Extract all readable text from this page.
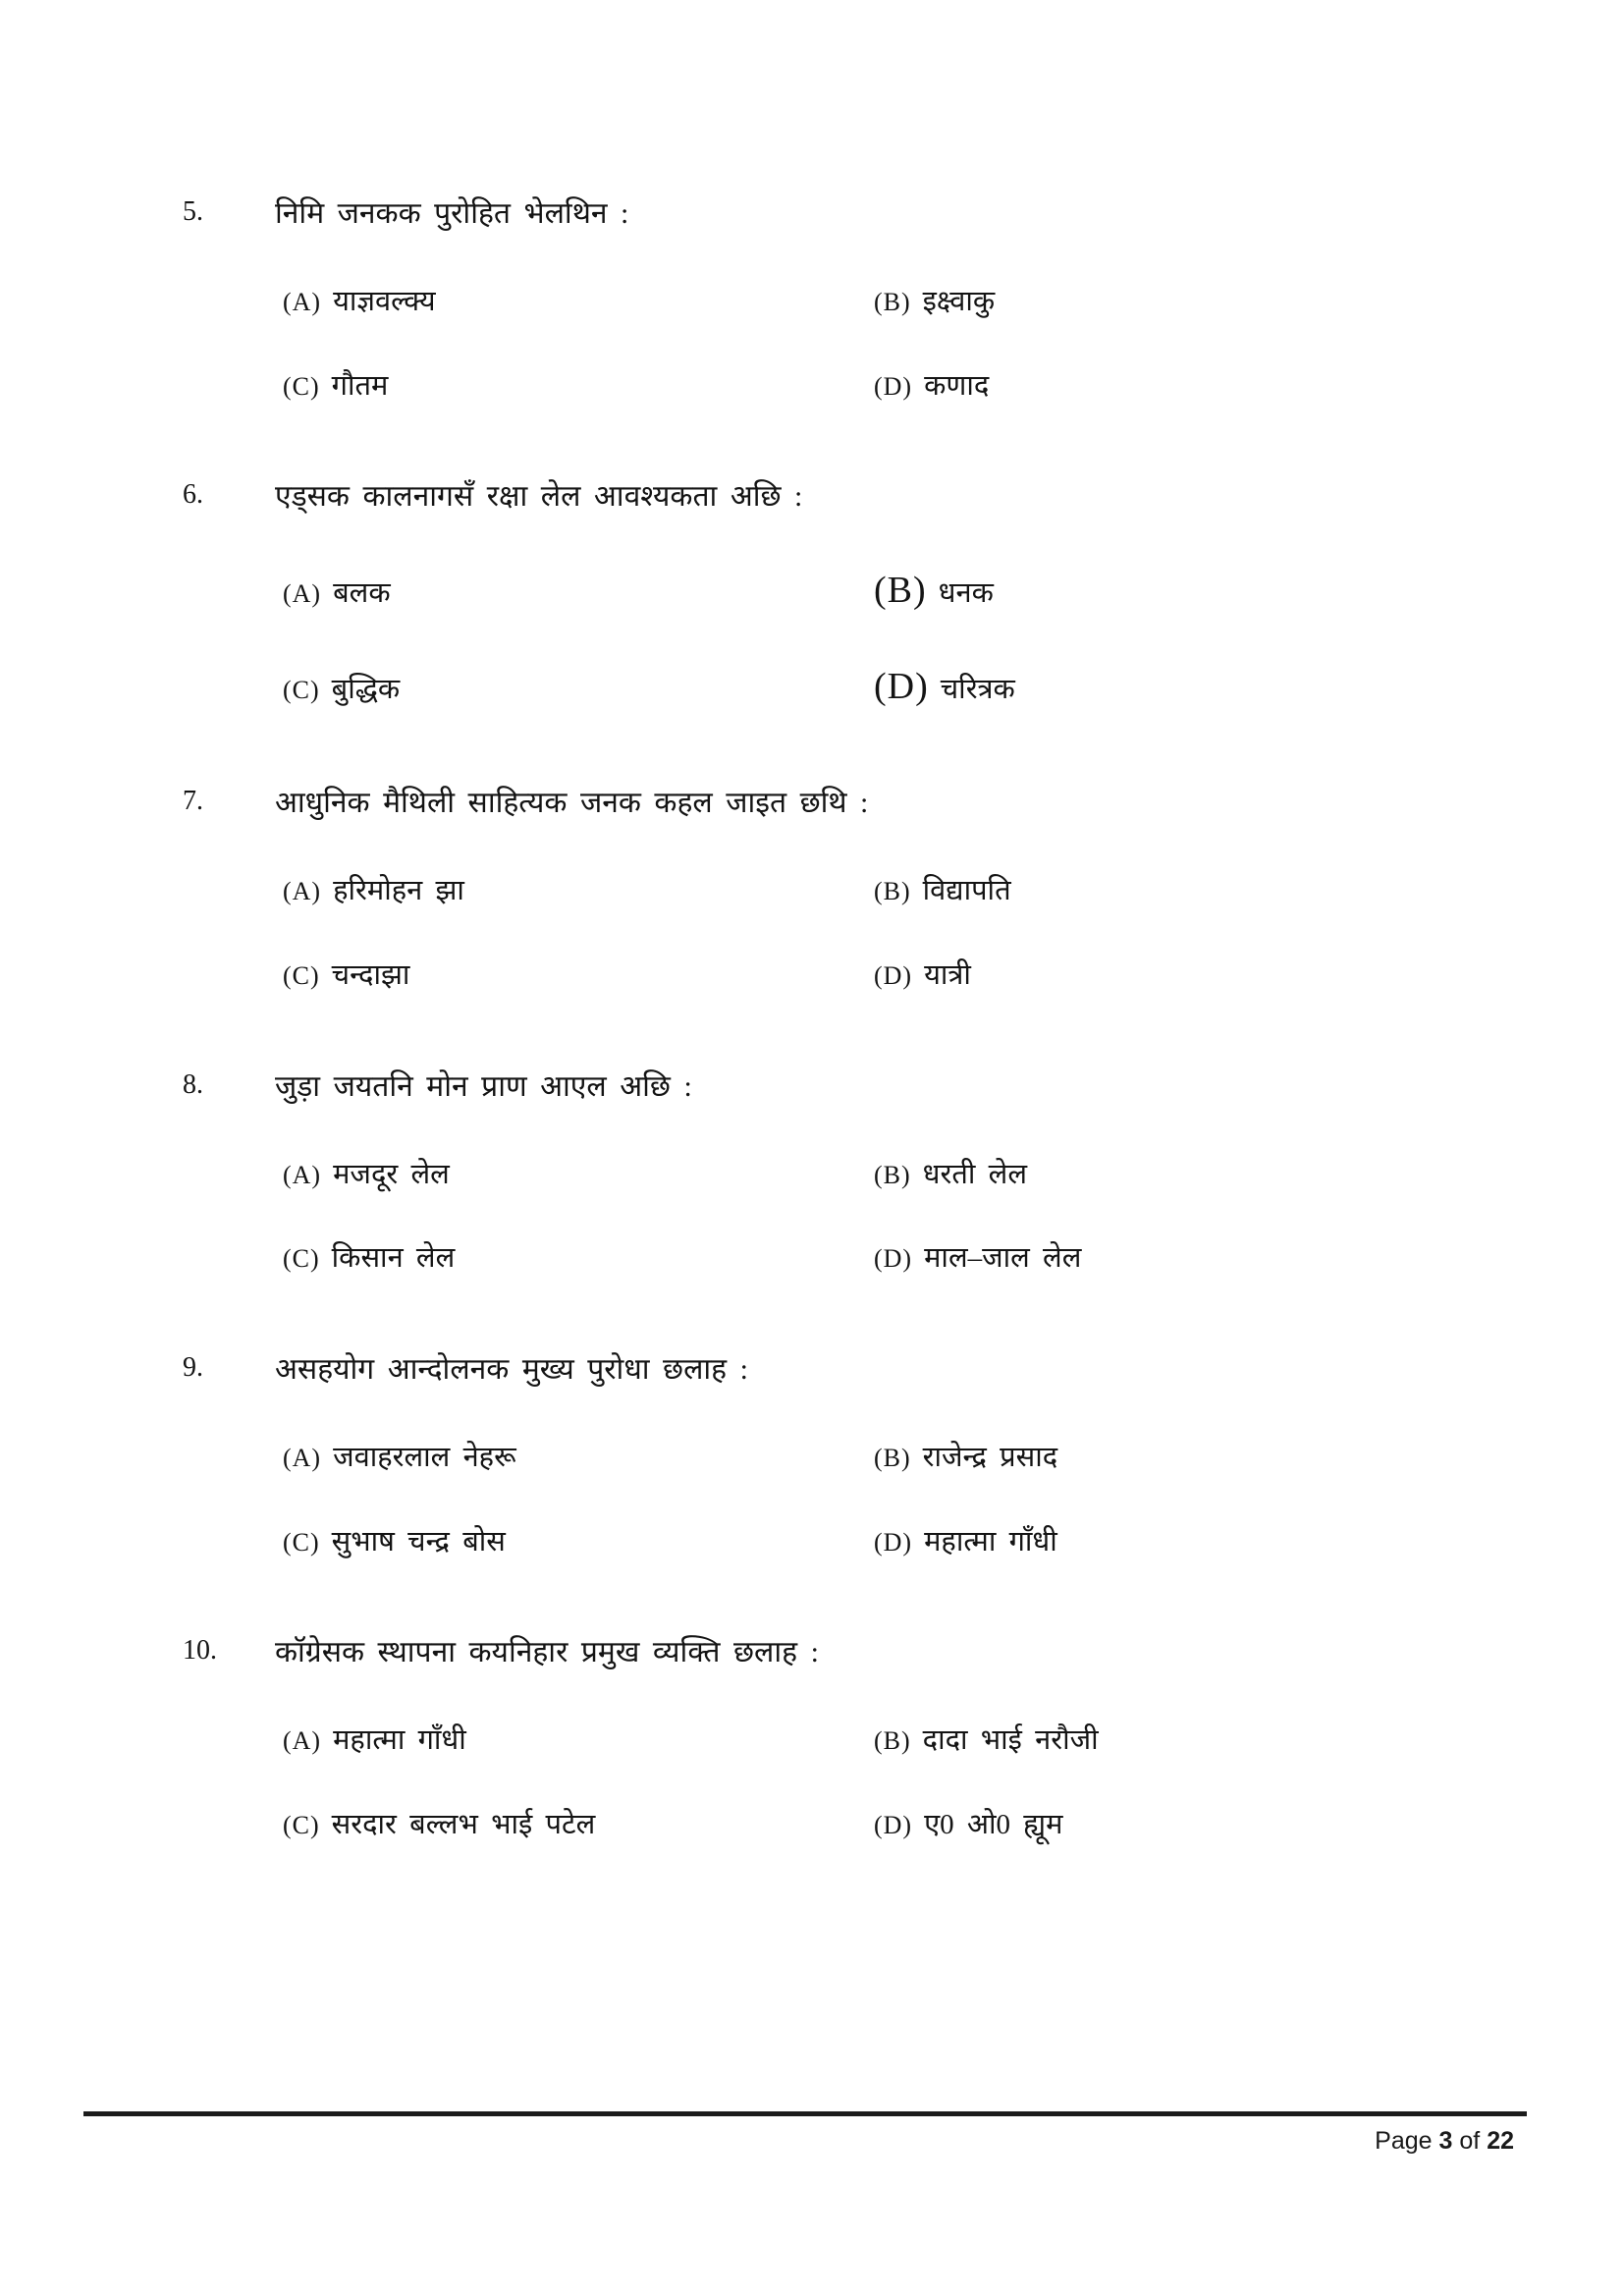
5.	निमि जनकक पुरोहित भेलथिन :
(A) याज्ञवल्क्य	(B) इक्ष्वाकु
(C) गौतम	(D) कणाद
6.	एड्सक कालनागसँ रक्षा लेल आवश्यकता अछि :
(A) बलक	(B) धनक
(C) बुद्धिक	(D) चरित्रक
7.	आधुनिक मैथिली साहित्यक जनक कहल जाइत छथि :
(A) हरिमोहन झा	(B) विद्यापति
(C) चन्दाझा	(D) यात्री
8.	जुड़ा जयतनि मोन प्राण आएल अछि :
(A) मजदूर लेल	(B) धरती लेल
(C) किसान लेल	(D) माल–जाल लेल
9.	असहयोग आन्दोलनक मुख्य पुरोधा छलाह :
(A) जवाहरलाल नेहरू	(B) राजेन्द्र प्रसाद
(C) सुभाष चन्द्र बोस	(D) महात्मा गाँधी
10.	कॉग्रेसक स्थापना कयनिहार प्रमुख व्यक्ति छलाह :
(A) महात्मा गाँधी	(B) दादा भाई नरौजी
(C) सरदार बल्लभ भाई पटेल	(D) ए0 ओ0 ह्यूम
Page 3 of 22
